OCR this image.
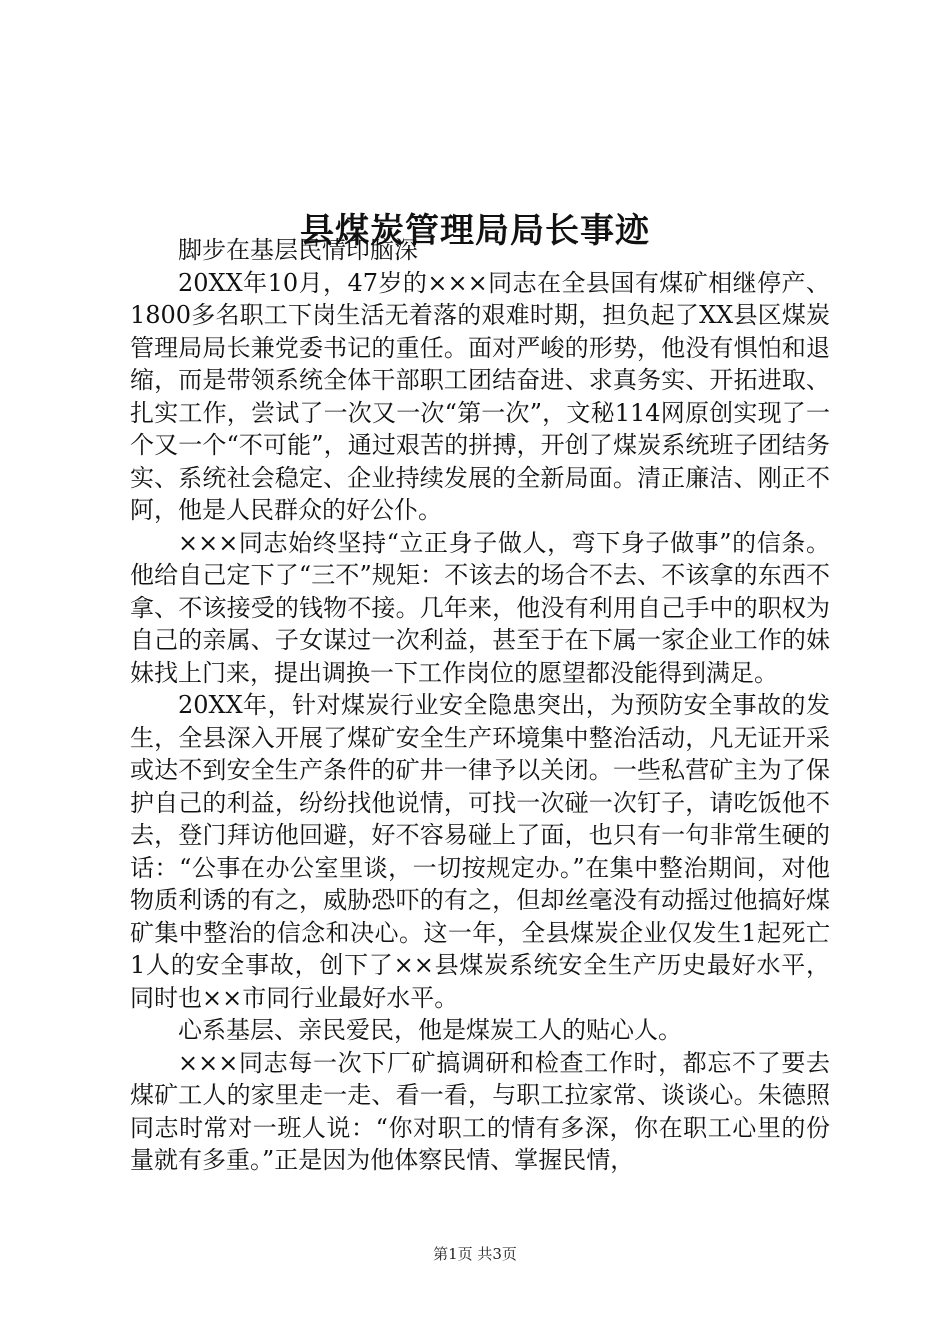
县煤炭管理局局长事迹

脚步在基层民情印脑深

20XX年10月，47岁的×××同志在全县国有煤矿相继停产、1800多名职工下岗生活无着落的艰难时期，担负起了XX县区煤炭管理局局长兼党委书记的重任。面对严峻的形势，他没有惧怕和退缩，而是带领系统全体干部职工团结奋进、求真务实、开拓进取、扎实工作，尝试了一次又一次“第一次”，文秘114网原创实现了一个又一个“不可能”，通过艰苦的拼搏，开创了煤炭系统班子团结务实、系统社会稳定、企业持续发展的全新局面。清正廉洁、刚正不阿，他是人民群众的好公仆。

×××同志始终坚持“立正身子做人，弯下身子做事”的信条。他给自己定下了“三不”规矩：不该去的场合不去、不该拿的东西不拿、不该接受的钱物不接。几年来，他没有利用自己手中的职权为自己的亲属、子女谋过一次利益，甚至于在下属一家企业工作的妹妹找上门来，提出调换一下工作岗位的愿望都没能得到满足。

20XX年，针对煤炭行业安全隐患突出，为预防安全事故的发生，全县深入开展了煤矿安全生产环境集中整治活动，凡无证开采或达不到安全生产条件的矿井一律予以关闭。一些私营矿主为了保护自己的利益，纷纷找他说情，可找一次碰一次钉子，请吃饭他不去，登门拜访他回避，好不容易碰上了面，也只有一句非常生硬的话：“公事在办公室里谈，一切按规定办。”在集中整治期间，对他物质利诱的有之，威胁恐吓的有之，但却丝毫没有动摇过他搞好煤矿集中整治的信念和决心。这一年，全县煤炭企业仅发生1起死亡1人的安全事故，创下了××县煤炭系统安全生产历史最好水平，同时也××市同行业最好水平。

心系基层、亲民爱民，他是煤炭工人的贴心人。

×××同志每一次下厂矿搞调研和检查工作时，都忘不了要去煤矿工人的家里走一走、看一看，与职工拉家常、谈谈心。朱德照同志时常对一班人说：“你对职工的情有多深，你在职工心里的份量就有多重。”正是因为他体察民情、掌握民情，

第1页 共3页
